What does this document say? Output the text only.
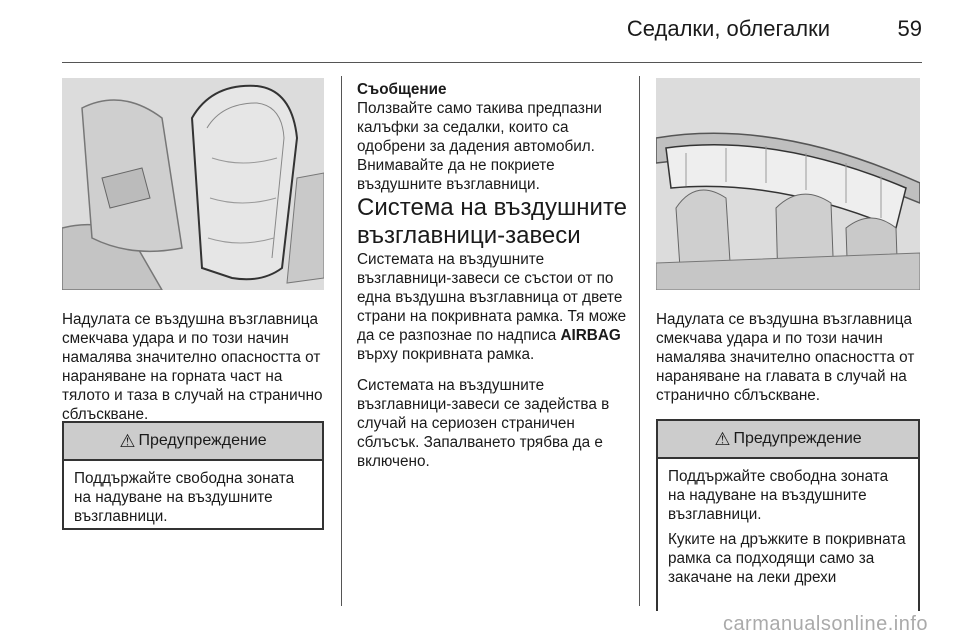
Седалки, облегалки	59

Надулата се въздушна възглавница смекчава удара и по този начин намалява значително опасността от нараняване на горната част на тялото и таза в случай на странично сблъскване.

⚠ Предупреждение

Поддържайте свободна зоната на надуване на въздушните възглавници.

Съобщение
Ползвайте само такива предпазни калъфки за седалки, които са одобрени за дадения автомобил. Внимавайте да не покриете въздушните възглавници.
Система на въздушните възглавници-завеси

Системата на въздушните възглавници-завеси се състои от по една въздушна възглавница от двете страни на покривната рамка. Тя може да се разпознае по надписа AIRBAG върху покривната рамка.

Системата на въздушните възглавници-завеси се задейства в случай на сериозен страничен сблъсък. Запалването трябва да е включено.

Надулата се въздушна възглавница смекчава удара и по този начин намалява значително опасността от нараняване на главата в случай на странично сблъскване.

⚠ Предупреждение

Поддържайте свободна зоната на надуване на въздушните възглавници.

Куките на дръжките в покривната рамка са подходящи само за закачане на леки дрехи

carmanualsonline.info
